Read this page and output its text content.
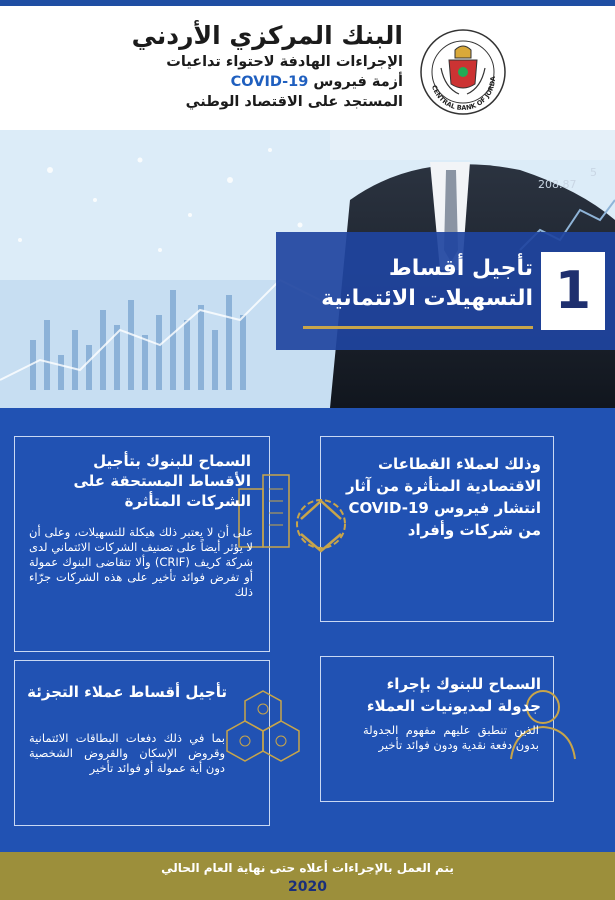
CENTRAL BANK OF JORDA
البنك المركزي الأردني
الإجراءات الهادفة لاحتواء تداعيات
أزمة فيروس COVID-19
المستجد على الاقتصاد الوطني
208.87
5
1
تأجيل أقساط
التسهيلات الائتمانية
وذلك لعملاء القطاعات الاقتصادية المتأثرة من آثار انتشار فيروس COVID-19 من شركات وأفراد
السماح للبنوك بتأجيل الأقساط المستحقة على الشركات المتأثرة
على أن لا يعتبر ذلك هيكلة للتسهيلات، وعلى أن لا يؤثر أيضاً على تصنيف الشركات الائتماني لدى شركة كريف (CRIF) وألا تتقاضى البنوك عمولة أو تفرض فوائد تأخير على هذه الشركات جرّاء ذلك
السماح للبنوك بإجراء جدولة لمديونيات العملاء
الذين تنطبق عليهم مفهوم الجدولة بدون دفعة نقدية ودون فوائد تأخير
تأجيل أقساط عملاء التجزئة
بما في ذلك دفعات البطاقات الائتمانية وقروض الإسكان والقروض الشخصية دون أية عمولة أو فوائد تأخير
يتم العمل بالإجراءات أعلاه حتى نهاية العام الحالي
2020
